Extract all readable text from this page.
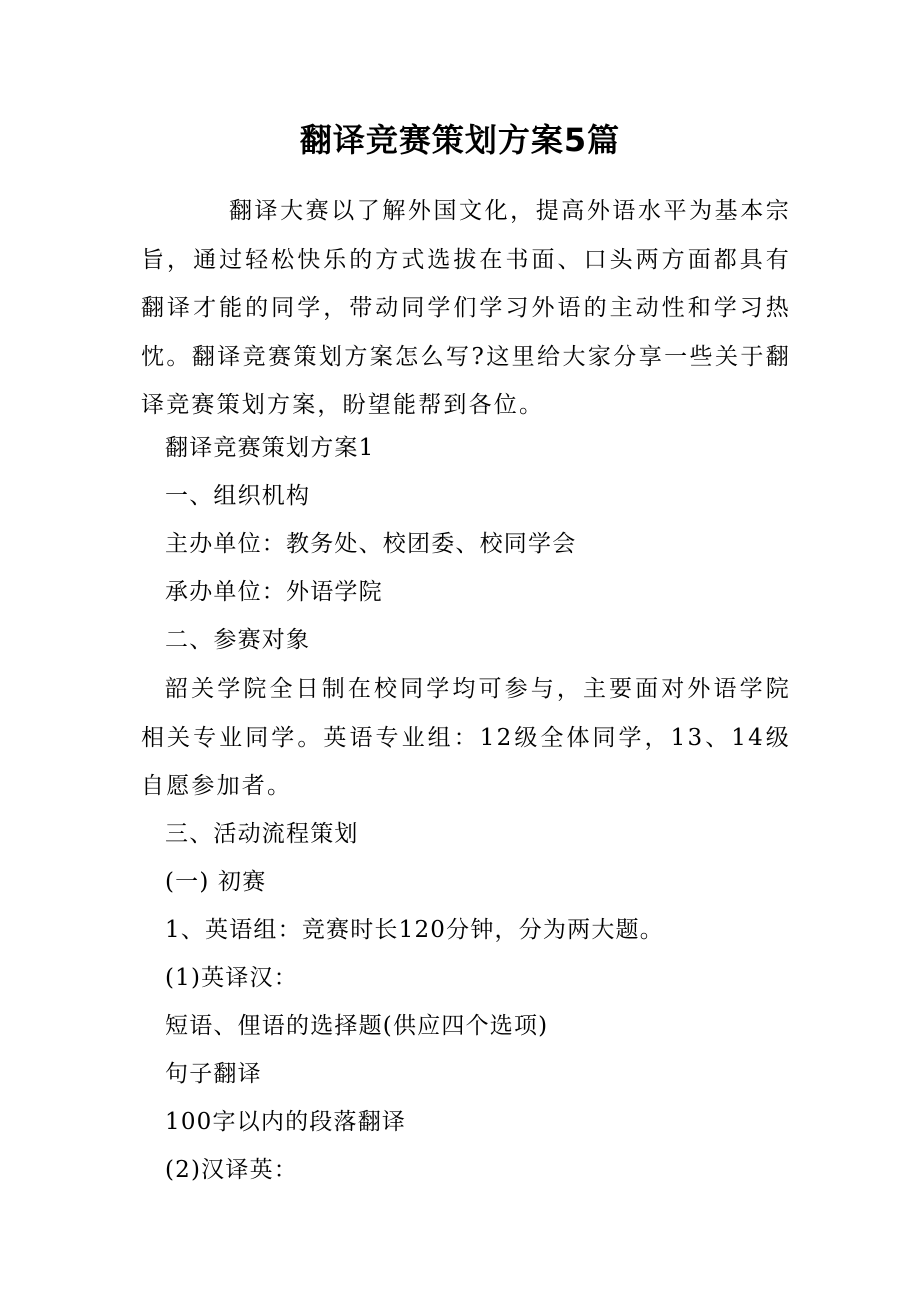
翻译竞赛策划方案5篇

翻译大赛以了解外国文化，提高外语水平为基本宗旨，通过轻松快乐的方式选拔在书面、口头两方面都具有翻译才能的同学，带动同学们学习外语的主动性和学习热忱。翻译竞赛策划方案怎么写?这里给大家分享一些关于翻译竞赛策划方案，盼望能帮到各位。

翻译竞赛策划方案1

一、组织机构

主办单位：教务处、校团委、校同学会

承办单位：外语学院

二、参赛对象

韶关学院全日制在校同学均可参与，主要面对外语学院相关专业同学。英语专业组：12级全体同学，13、14级自愿参加者。

三、活动流程策划

(一) 初赛

1、英语组：竞赛时长120分钟，分为两大题。

(1)英译汉：

短语、俚语的选择题(供应四个选项)

句子翻译

100字以内的段落翻译

(2)汉译英：
